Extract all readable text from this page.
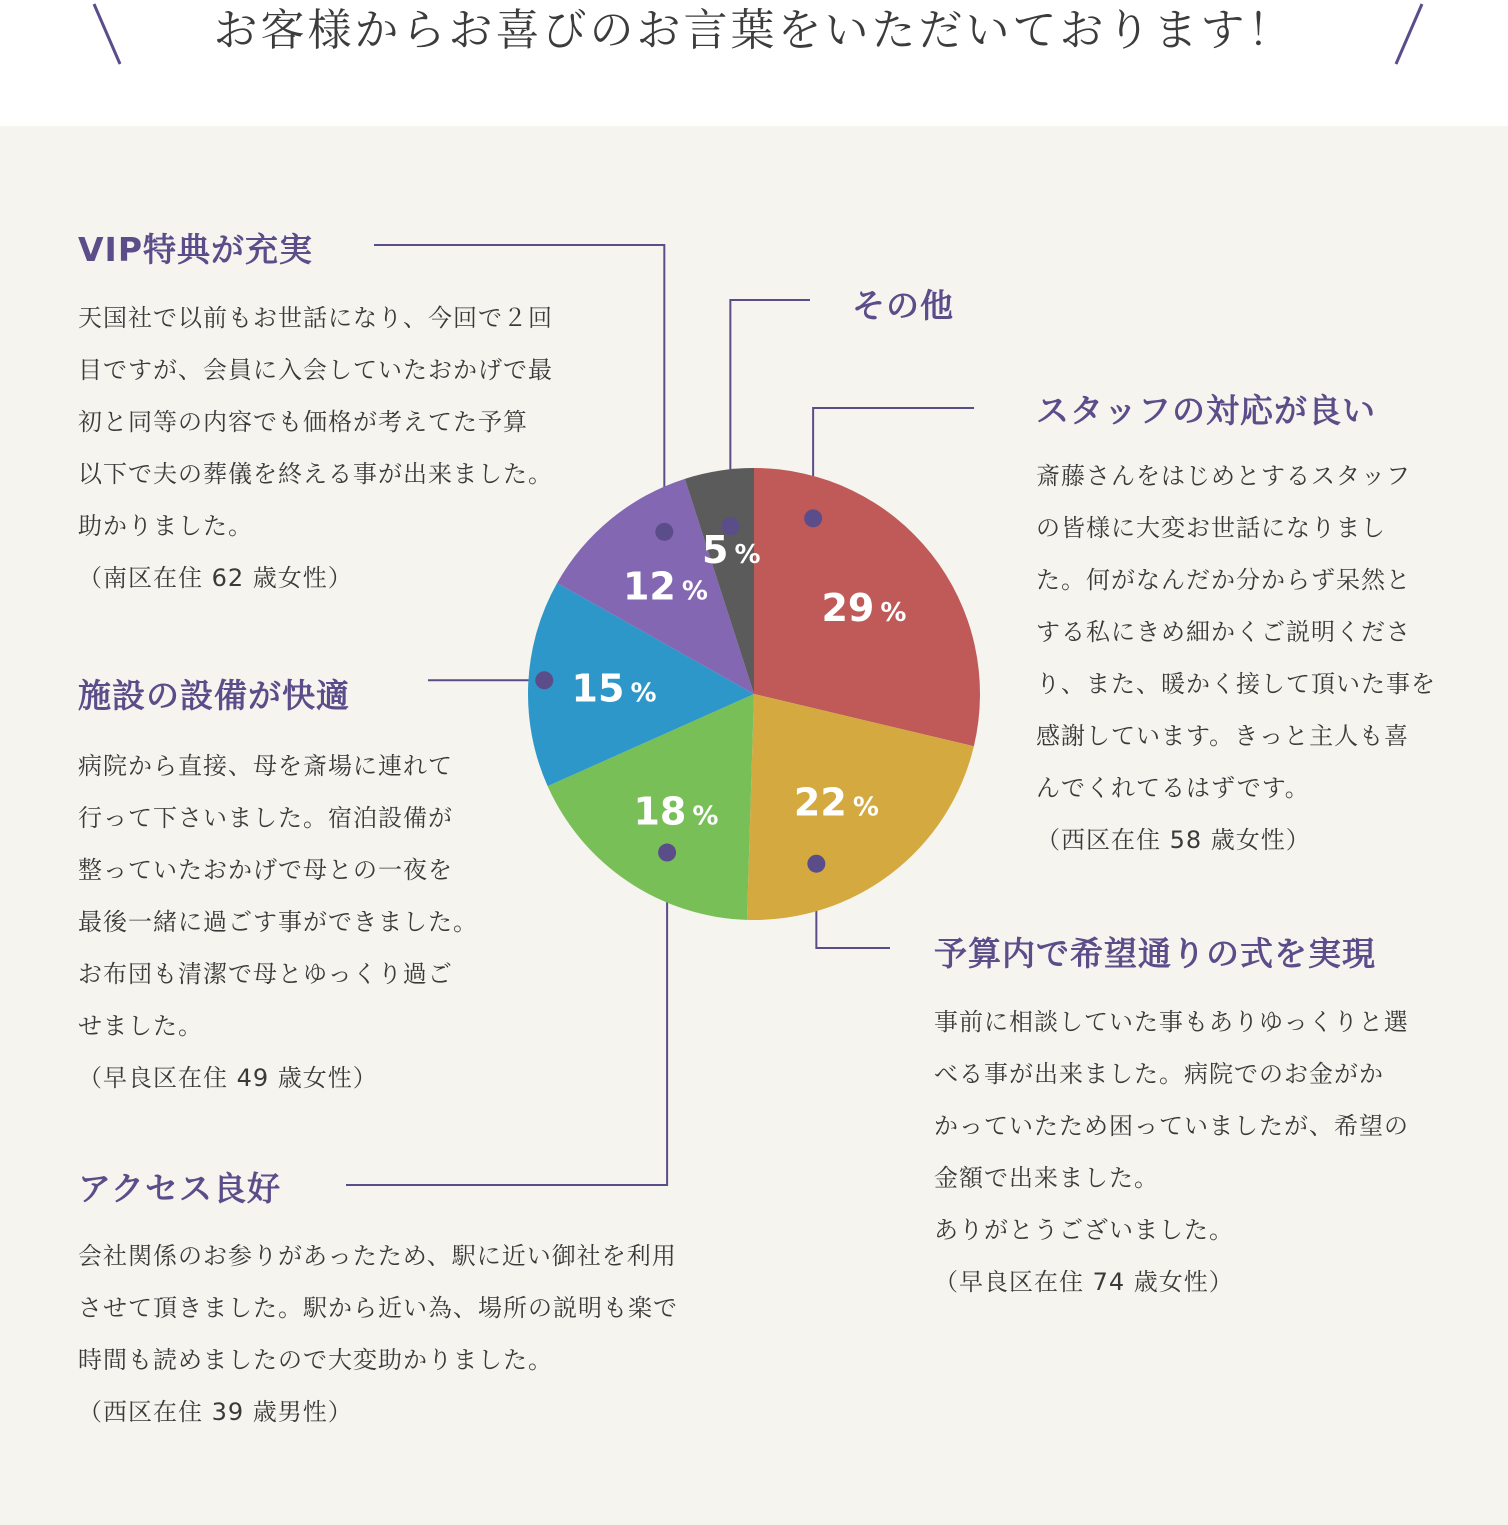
お客様からお喜びのお言葉をいただいております！
29 %
22 %
18 %
15 %
12 %
5 %
VIP特典が充実

天国社で以前もお世話になり、今回で２回

目ですが、会員に入会していたおかげで最

初と同等の内容でも価格が考えてた予算

以下で夫の葬儀を終える事が出来ました。

助かりました。

（南区在住 62 歳女性）

その他
スタッフの対応が良い

斎藤さんをはじめとするスタッフ

の皆様に大変お世話になりまし

た。何がなんだか分からず呆然と

する私にきめ細かくご説明くださ

り、また、暖かく接して頂いた事を

感謝しています。きっと主人も喜

んでくれてるはずです。

（西区在住 58 歳女性）

施設の設備が快適

病院から直接、母を斎場に連れて

行って下さいました。宿泊設備が

整っていたおかげで母との一夜を

最後一緒に過ごす事ができました。

お布団も清潔で母とゆっくり過ご

せました。

（早良区在住 49 歳女性）

予算内で希望通りの式を実現

事前に相談していた事もありゆっくりと選

べる事が出来ました。病院でのお金がか

かっていたため困っていましたが、希望の

金額で出来ました。

ありがとうございました。

（早良区在住 74 歳女性）

アクセス良好

会社関係のお参りがあったため、駅に近い御社を利用

させて頂きました。駅から近い為、場所の説明も楽で

時間も読めましたので大変助かりました。

（西区在住 39 歳男性）
